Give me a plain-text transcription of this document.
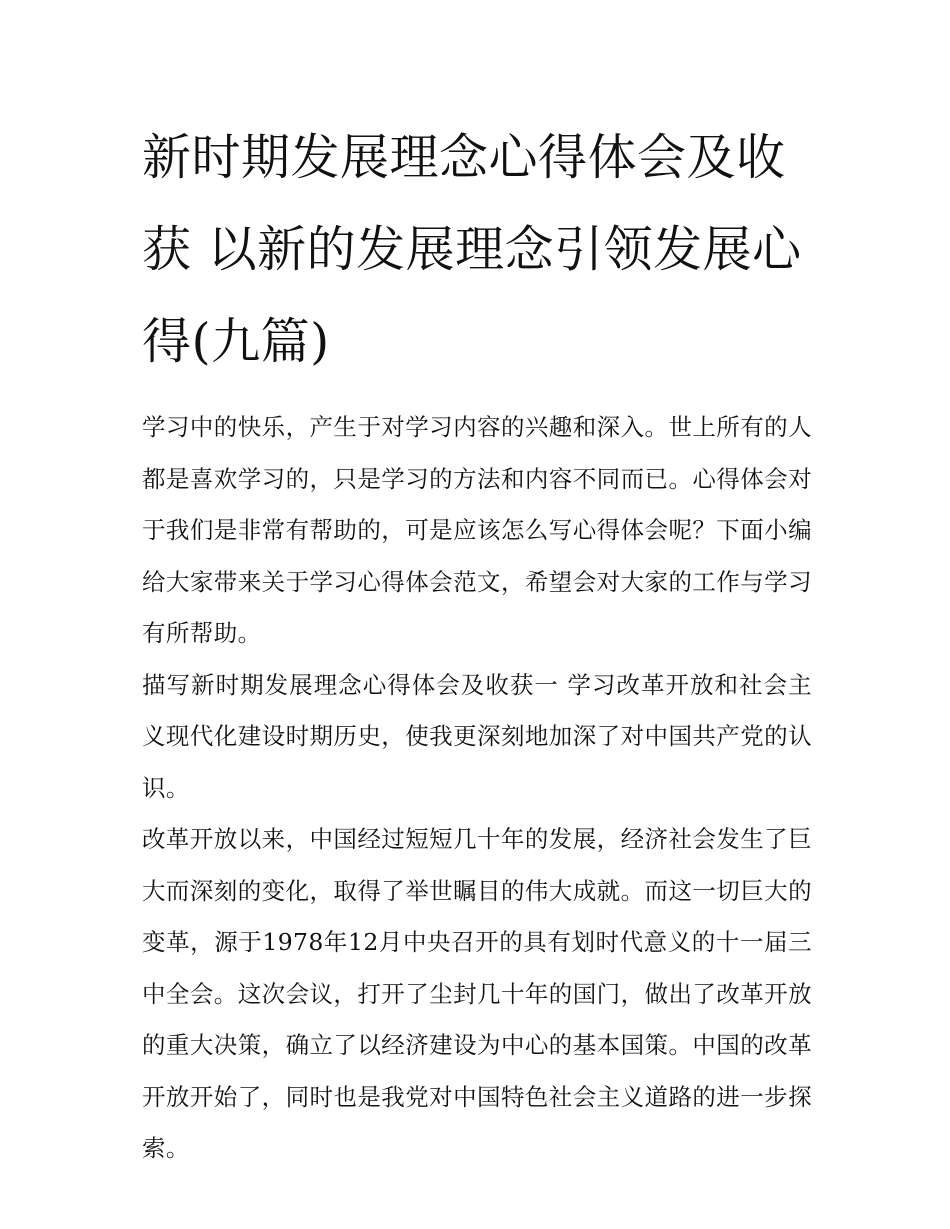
新时期发展理念心得体会及收获 以新的发展理念引领发展心得(九篇)

学习中的快乐，产生于对学习内容的兴趣和深入。世上所有的人都是喜欢学习的，只是学习的方法和内容不同而已。心得体会对于我们是非常有帮助的，可是应该怎么写心得体会呢？下面小编给大家带来关于学习心得体会范文，希望会对大家的工作与学习有所帮助。

描写新时期发展理念心得体会及收获一 学习改革开放和社会主义现代化建设时期历史，使我更深刻地加深了对中国共产党的认识。

改革开放以来，中国经过短短几十年的发展，经济社会发生了巨大而深刻的变化，取得了举世瞩目的伟大成就。而这一切巨大的变革，源于1978年12月中央召开的具有划时代意义的十一届三中全会。这次会议，打开了尘封几十年的国门，做出了改革开放的重大决策，确立了以经济建设为中心的基本国策。中国的改革开放开始了，同时也是我党对中国特色社会主义道路的进一步探索。
